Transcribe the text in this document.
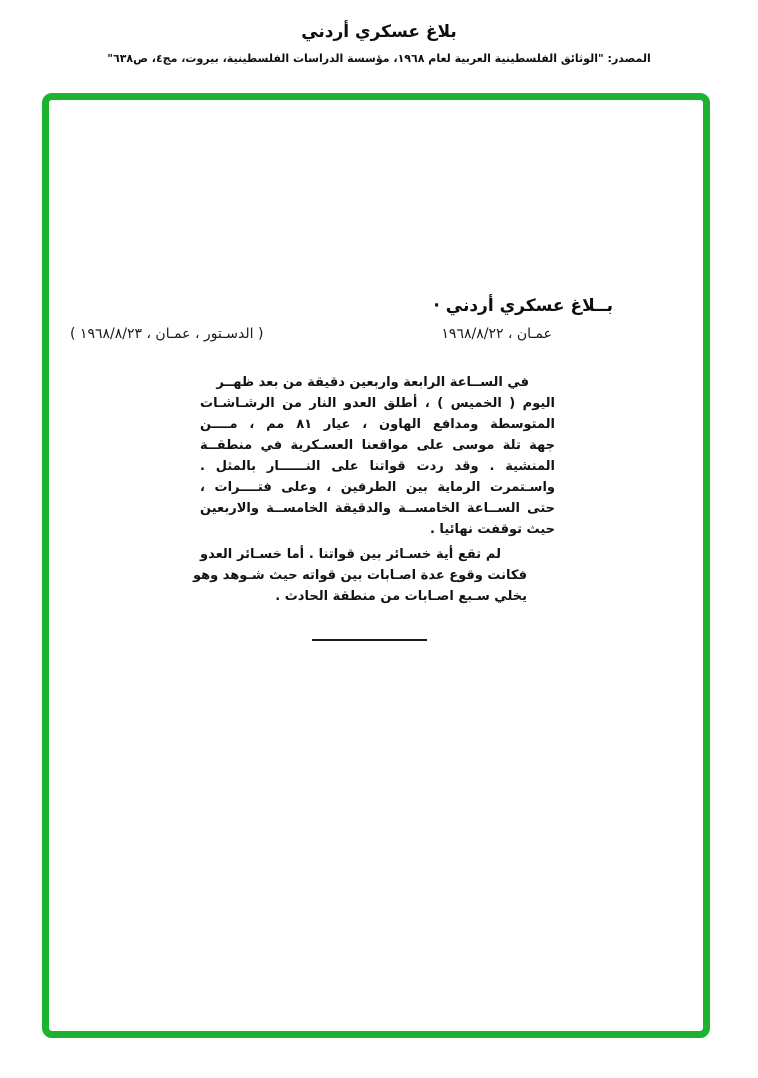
بلاغ عسكري أردني
المصدر: "الوثائق الفلسطينية العربية لعام ١٩٦٨، مؤسسة الدراسات الفلسطينية، بيروت، مج٤، ص٦٣٨"
بــلاغ عسكري أردني ·
عمـان ، ١٩٦٨/٨/٢٢
( الدسـتور ، عمـان ، ١٩٦٨/٨/٢٣ )
في الســاعة الرابعة واربعين دقيقة من بعد ظهــر
اليوم ( الخميس ) ، أطلق العدو النار من الرشـاشـات
المتوسطة ومدافع الهاون ، عيار ٨١ مم ، مــــن
جهة تلة موسى على مواقعنا العسـكرية في منطقــة
المنشية . وقد ردت قواتنا على النــــــار بالمثل .
واسـتمرت الرماية بين الطرفين ، وعلى فتــــرات ،
حتى الســاعة الخامســة والدقيقة الخامســة والاربعين
حيث توقفت نهائيا .
لم تقع أية خسـائر بين قواتنا . أما خسـائر العدو
فكانت وقوع عدة اصـابات بين قواته حيث شـوهد وهو
يخلي سـبع اصـابات من منطقة الحادث .
